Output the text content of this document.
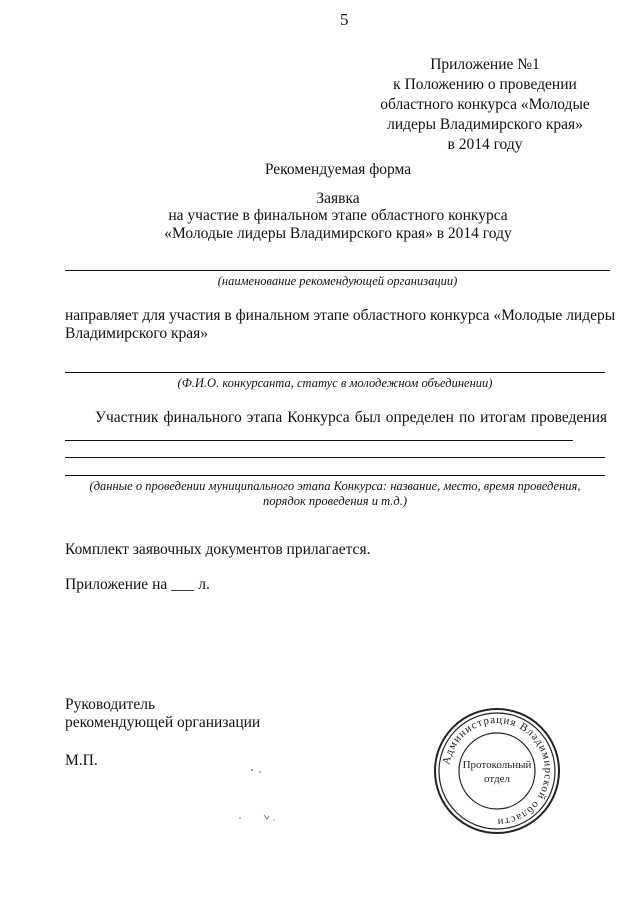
5
Приложение №1
к Положению о проведении
областного конкурса «Молодые
лидеры Владимирского края»
в 2014 году
Рекомендуемая форма
Заявка
на участие в финальном этапе областного конкурса
«Молодые лидеры Владимирского края» в 2014 году
(наименование рекомендующей организации)
направляет для участия в финальном этапе областного конкурса «Молодые лидеры
Владимирского края»
(Ф.И.О. конкурсанта, статус в молодежном объединении)
Участник финального этапа Конкурса был определен по итогам проведения
(данные о проведении муниципального этапа Конкурса: название, место, время проведения,
порядок проведения и т.д.)
Комплект заявочных документов прилагается.
Приложение на ___ л.
Руководитель
рекомендующей организации
М.П.	Администрация Владимирской области
Протокольный
отдел
